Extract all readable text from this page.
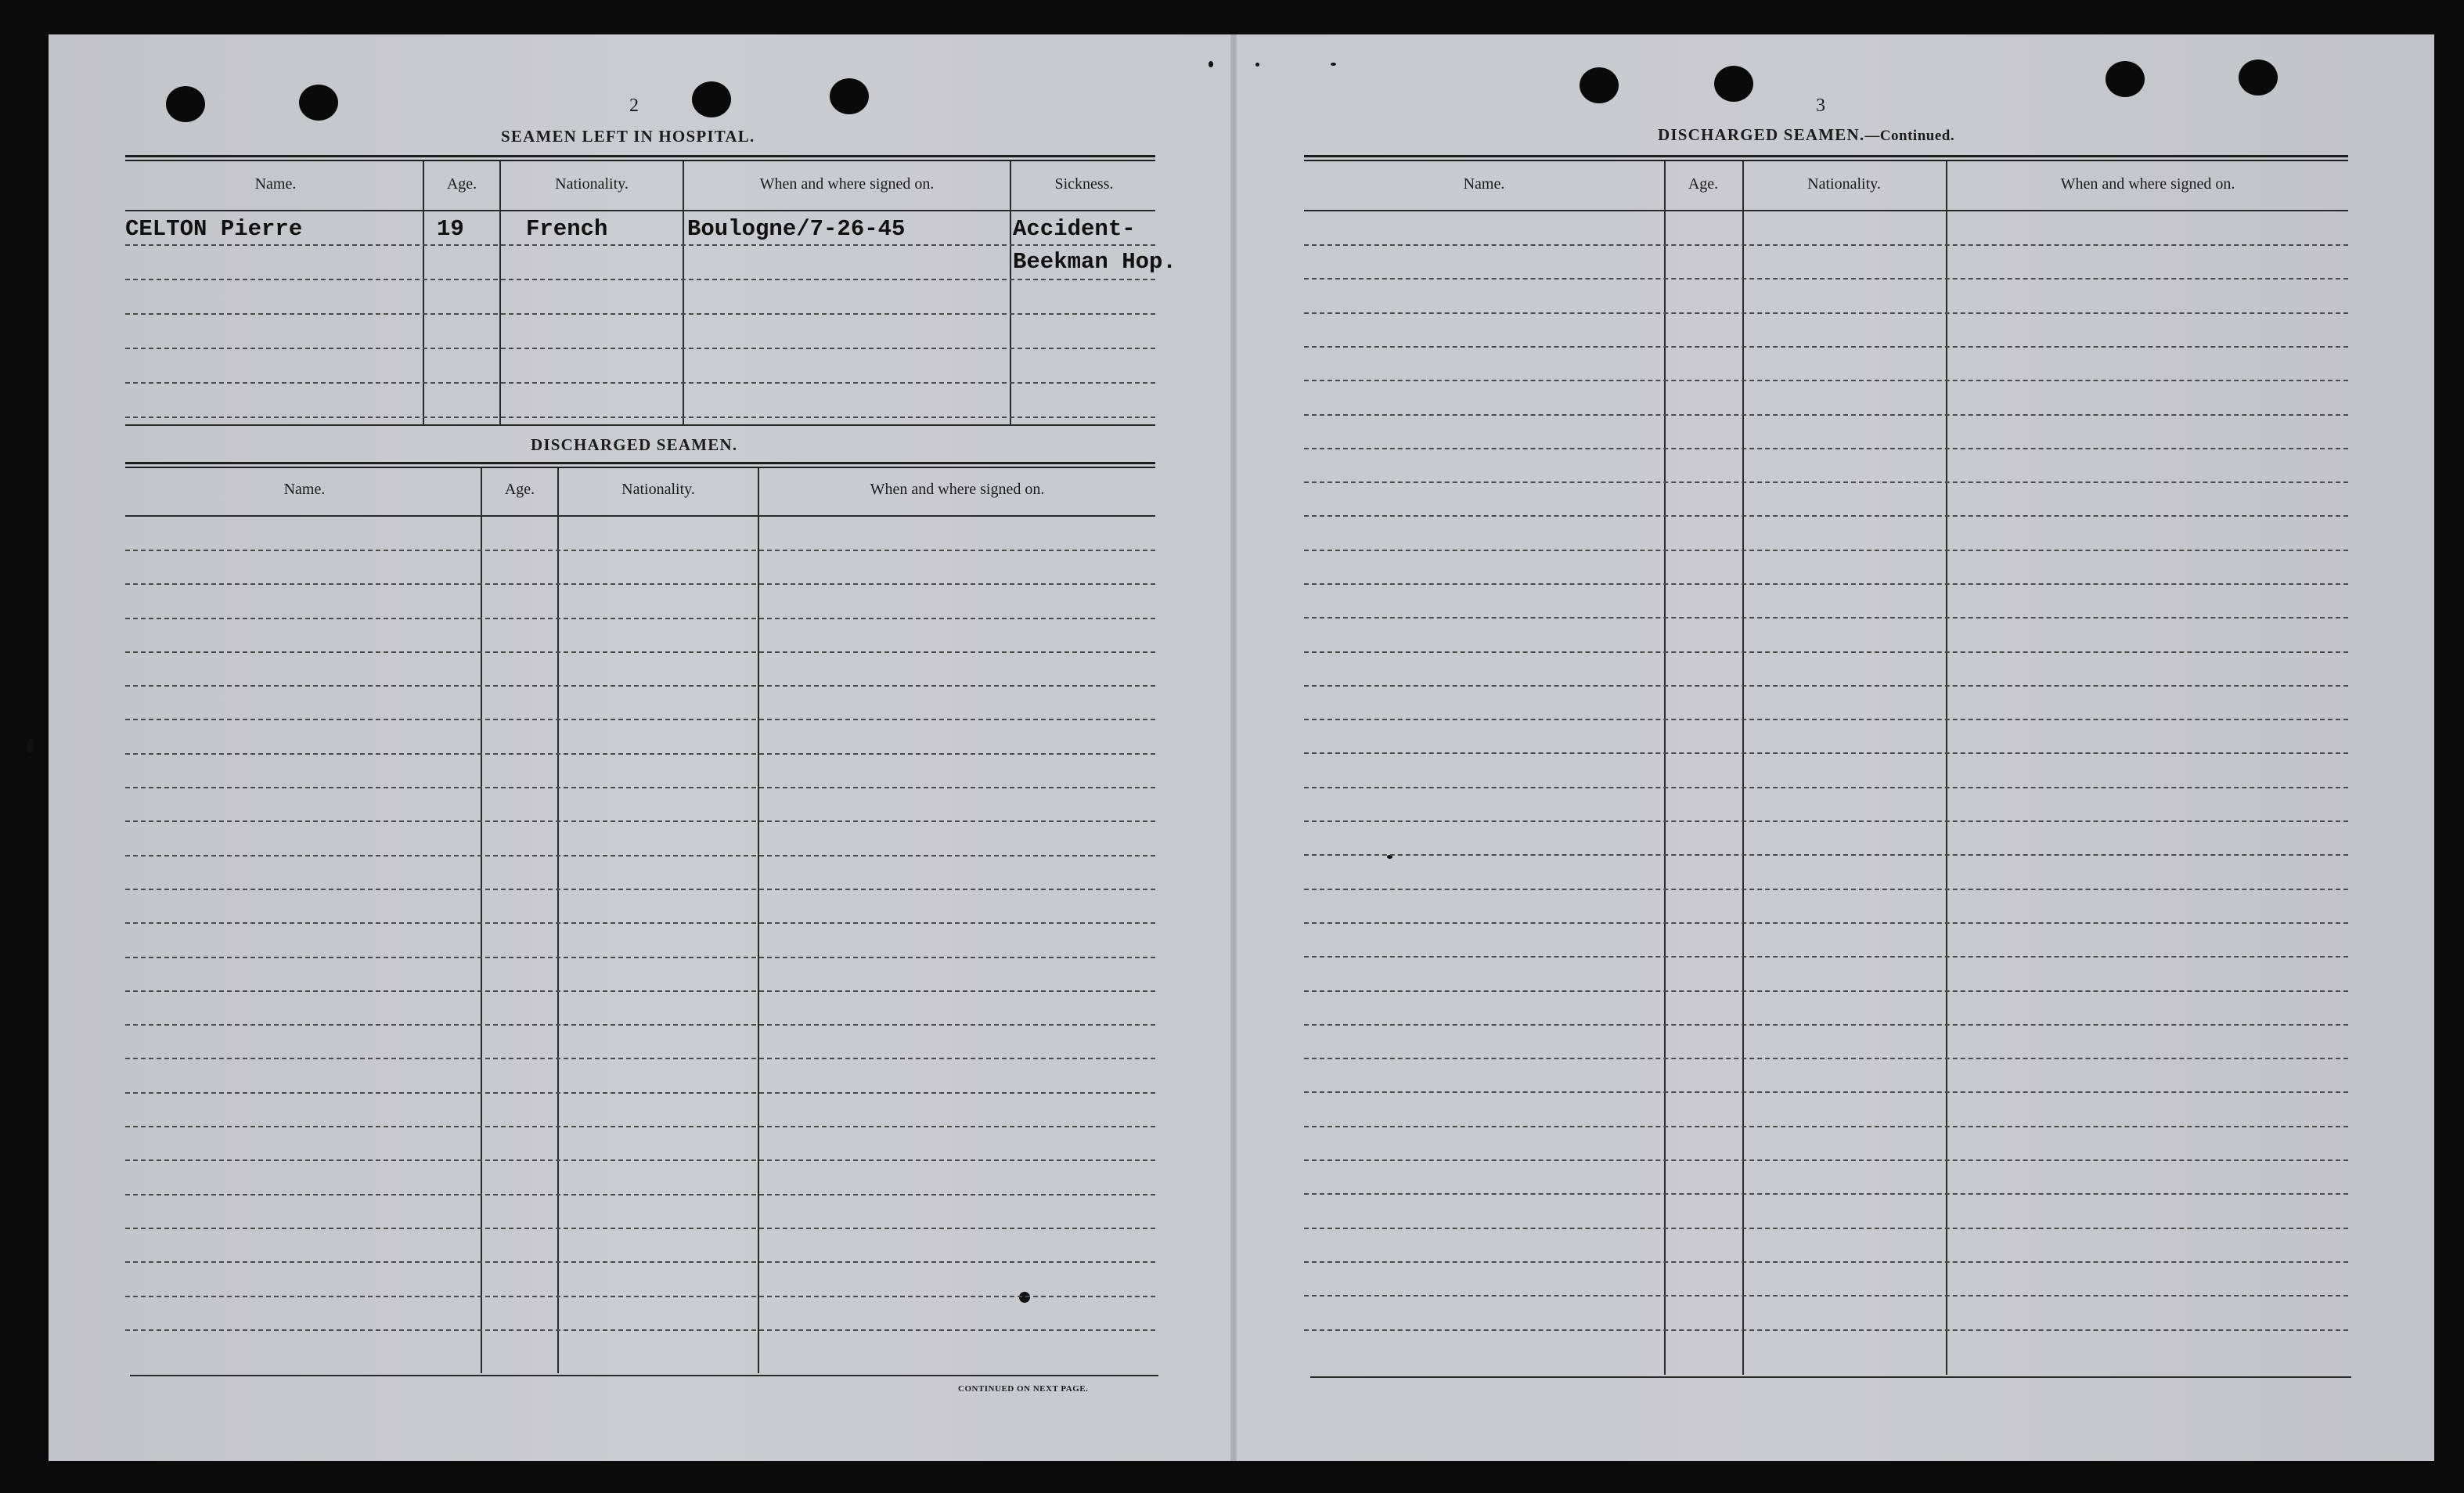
2
SEAMEN LEFT IN HOSPITAL.
Name.	Age.	Nationality.	When and where signed on.	Sickness.
CELTON Pierre	19	French	Boulogne/7-26-45	Accident-
Beekman Hop.
DISCHARGED SEAMEN.
Name.	Age.	Nationality.	When and where signed on.
CONTINUED ON NEXT PAGE.
3
DISCHARGED SEAMEN.—Continued.
Name.	Age.	Nationality.	When and where signed on.
